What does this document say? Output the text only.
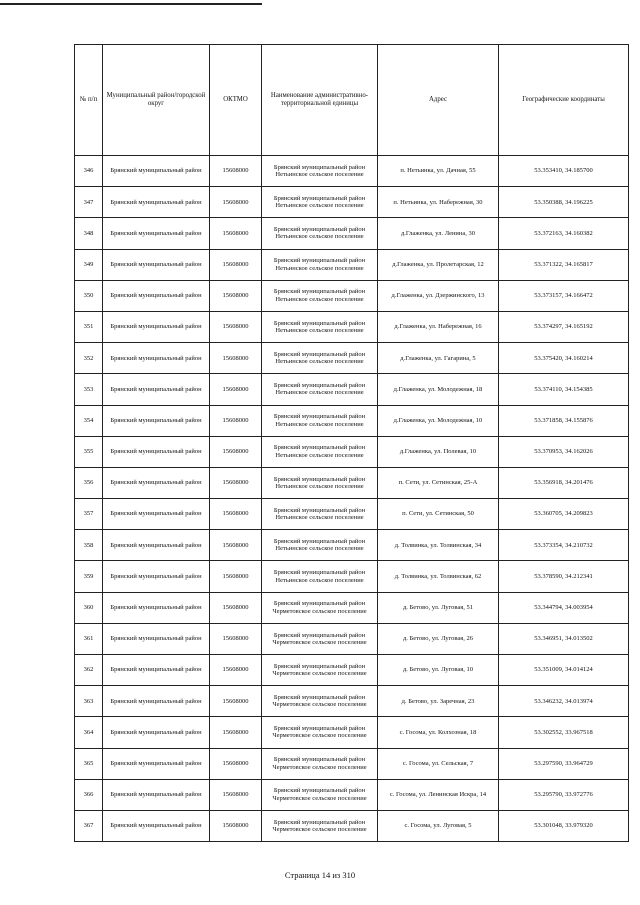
№ п/п	Муниципальный район/городской округ	ОКТМО	Наименование административно-территориальной единицы	Адрес	Географические координаты
346	Брянский муниципальный район	15608000	Брянский муниципальный район Нетьинское сельское поселение	п. Нетьинка, ул. Дачная, 55	53.353410, 34.185700
347	Брянский муниципальный район	15608000	Брянский муниципальный район Нетьинское сельское поселение	п. Нетьинка, ул. Набережная, 30	53.350388, 34.196225
348	Брянский муниципальный район	15608000	Брянский муниципальный район Нетьинское сельское поселение	д.Глаженка, ул. Ленина, 30	53.372163, 34.160382
349	Брянский муниципальный район	15608000	Брянский муниципальный район Нетьинское сельское поселение	д.Глаженка, ул. Пролетарская, 12	53.371322, 34.165817
350	Брянский муниципальный район	15608000	Брянский муниципальный район Нетьинское сельское поселение	д.Глаженка, ул. Дзержинского, 13	53.373157, 34.166472
351	Брянский муниципальный район	15608000	Брянский муниципальный район Нетьинское сельское поселение	д.Глаженка, ул. Набережная, 16	53.374297, 34.165192
352	Брянский муниципальный район	15608000	Брянский муниципальный район Нетьинское сельское поселение	д.Глаженка, ул. Гагарина, 5	53.375420, 34.160214
353	Брянский муниципальный район	15608000	Брянский муниципальный район Нетьинское сельское поселение	д.Глаженка, ул. Молодежная, 18	53.374110, 34.154385
354	Брянский муниципальный район	15608000	Брянский муниципальный район Нетьинское сельское поселение	д.Глаженка, ул. Молодежная, 10	53.371858, 34.155876
355	Брянский муниципальный район	15608000	Брянский муниципальный район Нетьинское сельское поселение	д.Глаженка, ул. Полевая, 10	53.370953, 34.162026
356	Брянский муниципальный район	15608000	Брянский муниципальный район Нетьинское сельское поселение	п. Сети, ул. Сетинская, 25-А	53.356918, 34.201476
357	Брянский муниципальный район	15608000	Брянский муниципальный район Нетьинское сельское поселение	п. Сети, ул. Сетинская, 50	53.360705, 34.209823
358	Брянский муниципальный район	15608000	Брянский муниципальный район Нетьинское сельское поселение	д. Толвинка, ул. Толвинская, 34	53.373354, 34.210732
359	Брянский муниципальный район	15608000	Брянский муниципальный район Нетьинское сельское поселение	д. Толвинка, ул. Толвинская, 62	53.378590, 34.212341
360	Брянский муниципальный район	15608000	Брянский муниципальный район Черметовское сельское поселение	д. Бетово, ул. Луговая, 51	53.344794, 34.003954
361	Брянский муниципальный район	15608000	Брянский муниципальный район Черметовское сельское поселение	д. Бетово, ул. Луговая, 26	53.346951, 34.013502
362	Брянский муниципальный район	15608000	Брянский муниципальный район Черметовское сельское поселение	д. Бетово, ул. Луговая, 10	53.351009, 34.014124
363	Брянский муниципальный район	15608000	Брянский муниципальный район Черметовское сельское поселение	д. Бетово, ул. Заречная, 23	53.346232, 34.013974
364	Брянский муниципальный район	15608000	Брянский муниципальный район Черметовское сельское поселение	с. Госома, ул. Колхозная, 18	53.302552, 33.967518
365	Брянский муниципальный район	15608000	Брянский муниципальный район Черметовское сельское поселение	с. Госома, ул. Сельская, 7	53.297590, 33.964729
366	Брянский муниципальный район	15608000	Брянский муниципальный район Черметовское сельское поселение	с. Госома, ул. Ленинская Искра, 14	53.295790, 33.972776
367	Брянский муниципальный район	15608000	Брянский муниципальный район Черметовское сельское поселение	с. Госома, ул. Луговая, 5	53.301048, 33.979320
Страница 14 из 310
